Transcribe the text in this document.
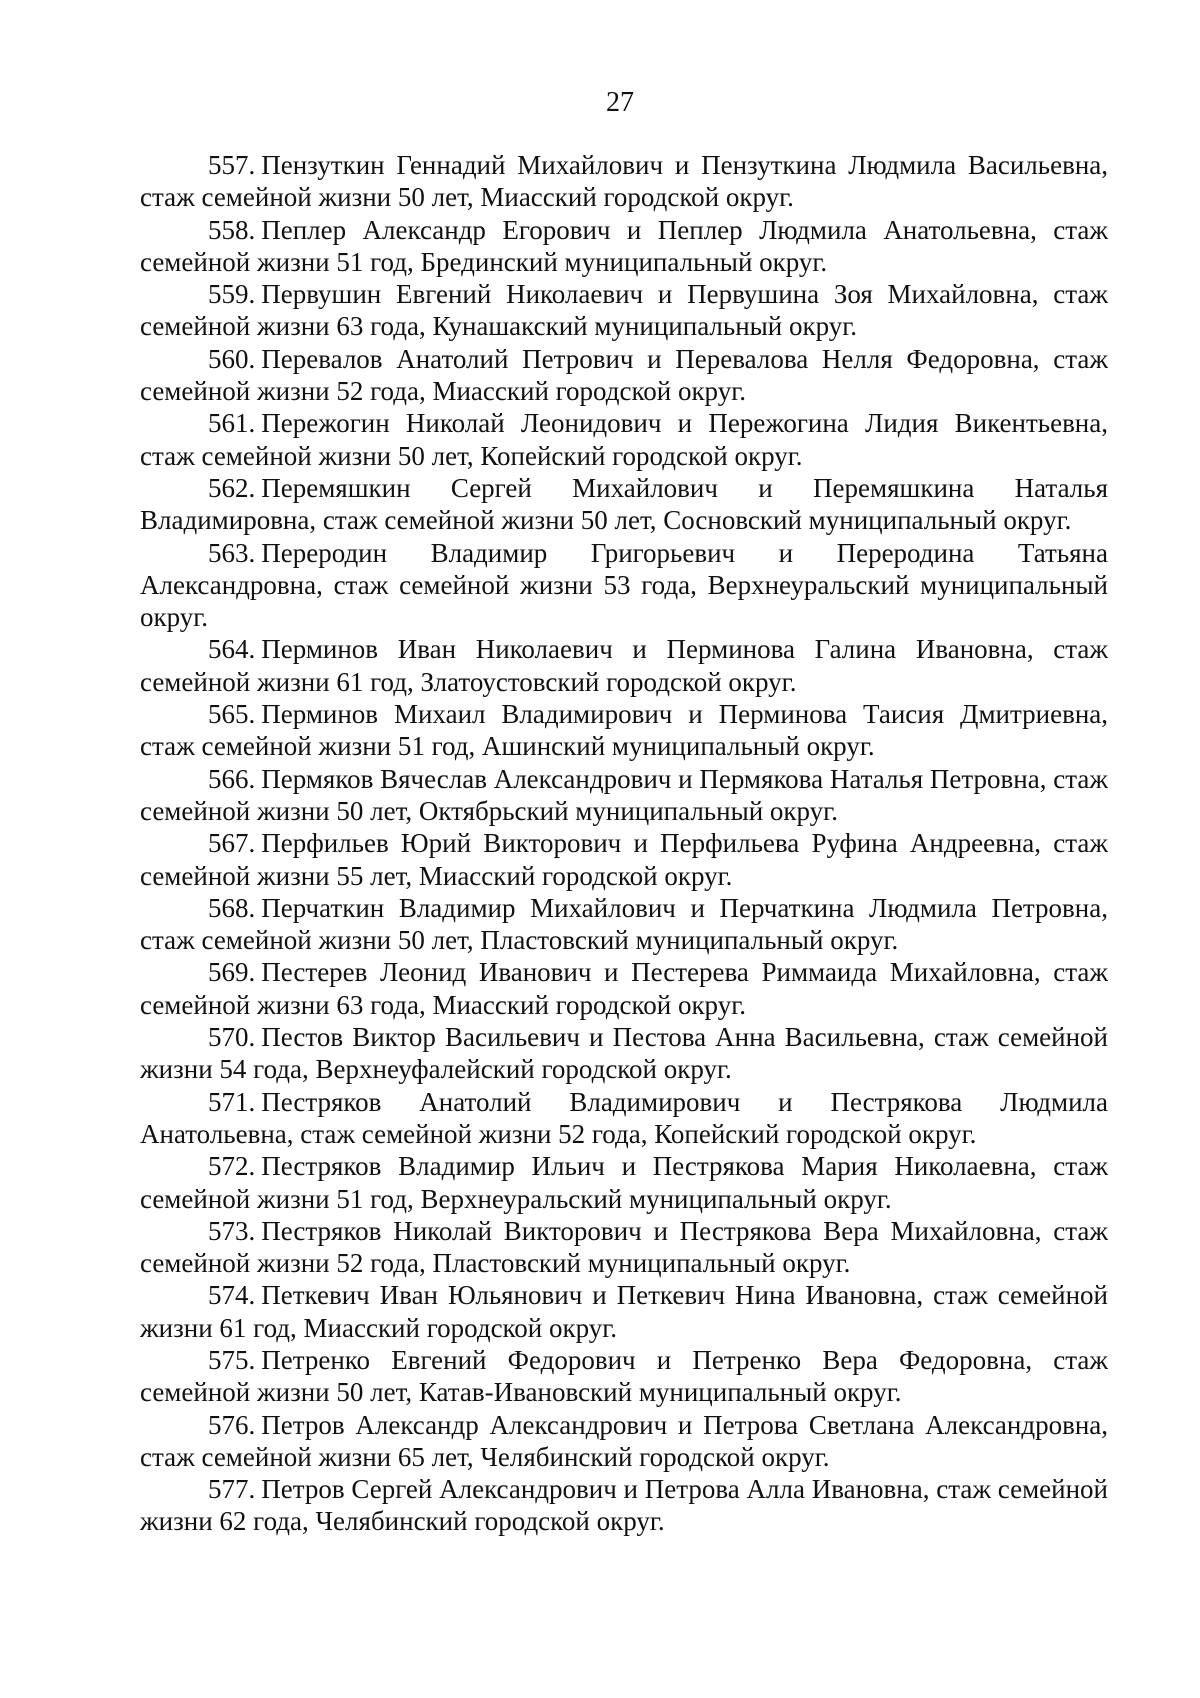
27

557. Пензуткин Геннадий Михайлович и Пензуткина Людмила Васильевна, стаж семейной жизни 50 лет, Миасский городской округ.

558. Пеплер Александр Егорович и Пеплер Людмила Анатольевна, стаж семейной жизни 51 год, Брединский муниципальный округ.

559. Первушин Евгений Николаевич и Первушина Зоя Михайловна, стаж семейной жизни 63 года, Кунашакский муниципальный округ.

560. Перевалов Анатолий Петрович и Перевалова Нелля Федоровна, стаж семейной жизни 52 года, Миасский городской округ.

561. Пережогин Николай Леонидович и Пережогина Лидия Викентьевна, стаж семейной жизни 50 лет, Копейский городской округ.

562. Перемяшкин Сергей Михайлович и Перемяшкина Наталья Владимировна, стаж семейной жизни 50 лет, Сосновский муниципальный округ.

563. Переродин Владимир Григорьевич и Переродина Татьяна Александровна, стаж семейной жизни 53 года, Верхнеуральский муниципальный округ.

564. Перминов Иван Николаевич и Перминова Галина Ивановна, стаж семейной жизни 61 год, Златоустовский городской округ.

565. Перминов Михаил Владимирович и Перминова Таисия Дмитриевна, стаж семейной жизни 51 год, Ашинский муниципальный округ.

566. Пермяков Вячеслав Александрович и Пермякова Наталья Петровна, стаж семейной жизни 50 лет, Октябрьский муниципальный округ.

567. Перфильев Юрий Викторович и Перфильева Руфина Андреевна, стаж семейной жизни 55 лет, Миасский городской округ.

568. Перчаткин Владимир Михайлович и Перчаткина Людмила Петровна, стаж семейной жизни 50 лет, Пластовский муниципальный округ.

569. Пестерев Леонид Иванович и Пестерева Риммаида Михайловна, стаж семейной жизни 63 года, Миасский городской округ.

570. Пестов Виктор Васильевич и Пестова Анна Васильевна, стаж семейной жизни 54 года, Верхнеуфалейский городской округ.

571. Пестряков Анатолий Владимирович и Пестрякова Людмила Анатольевна, стаж семейной жизни 52 года, Копейский городской округ.

572. Пестряков Владимир Ильич и Пестрякова Мария Николаевна, стаж семейной жизни 51 год, Верхнеуральский муниципальный округ.

573. Пестряков Николай Викторович и Пестрякова Вера Михайловна, стаж семейной жизни 52 года, Пластовский муниципальный округ.

574. Петкевич Иван Юльянович и Петкевич Нина Ивановна, стаж семейной жизни 61 год, Миасский городской округ.

575. Петренко Евгений Федорович и Петренко Вера Федоровна, стаж семейной жизни 50 лет, Катав-Ивановский муниципальный округ.

576. Петров Александр Александрович и Петрова Светлана Александровна, стаж семейной жизни 65 лет, Челябинский городской округ.

577. Петров Сергей Александрович и Петрова Алла Ивановна, стаж семейной жизни 62 года, Челябинский городской округ.
